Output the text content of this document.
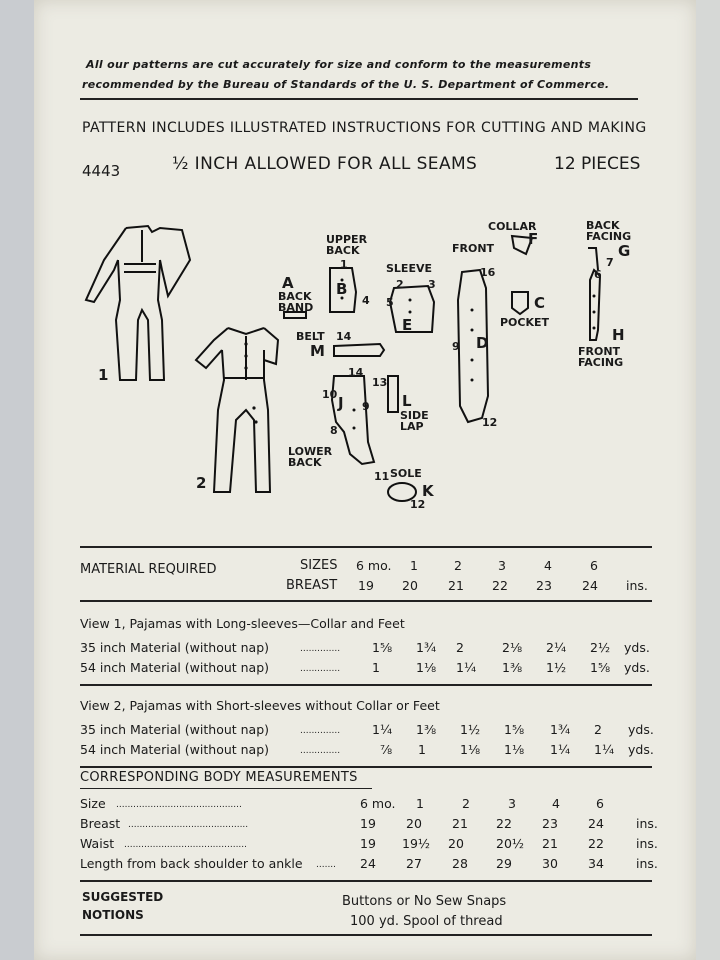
All our patterns are cut accurately for size and conform to the measurements
recommended by the Bureau of Standards of the U. S. Department of Commerce.
PATTERN INCLUDES ILLUSTRATED INSTRUCTIONS FOR CUTTING AND MAKING
4443	½ INCH ALLOWED FOR ALL SEAMS	12 PIECES
1
2
UPPER BACK
A
BACK BAND
B
SLEEVE
E
FRONT
D
COLLAR
F
C
POCKET
BACK FACING
G
H
FRONT FACING
BELT 14
M
J	L
SIDE LAP
LOWER BACK
SOLE
K
11
12
12
13
14
10
9
8
1
4
2 3
5
16
9
6
7
MATERIAL REQUIRED	SIZES
BREAST
6 mo. 1	2	3	4	6
19 20 21 22 23 24 ins.
View 1, Pajamas with Long-sleeves—Collar and Feet
35 inch Material (without nap)	..............	1⅝ 1¾ 2	2⅛ 2¼ 2½ yds.
54 inch Material (without nap)	..............	1	1⅛ 1¼ 1⅜ 1½ 1⅝ yds.
View 2, Pajamas with Short-sleeves without Collar or Feet
35 inch Material (without nap)	..............	1¼ 1⅜ 1½ 1⅝ 1¾ 2 yds.
54 inch Material (without nap)	..............	⅞ 1	1⅛ 1⅛ 1¼ 1¼ yds.
CORRESPONDING BODY MEASUREMENTS
Size ............................................	6 mo. 1	2	3	4	6
Breast ..........................................	19 20 21 22 23 24	ins.
Waist ...........................................	19 19½ 20	20½ 21 22	ins.
Length from back shoulder to ankle ....... 24 27 28 29 30 34	ins.
SUGGESTED
NOTIONS
Buttons or No Sew Snaps
100 yd. Spool of thread
